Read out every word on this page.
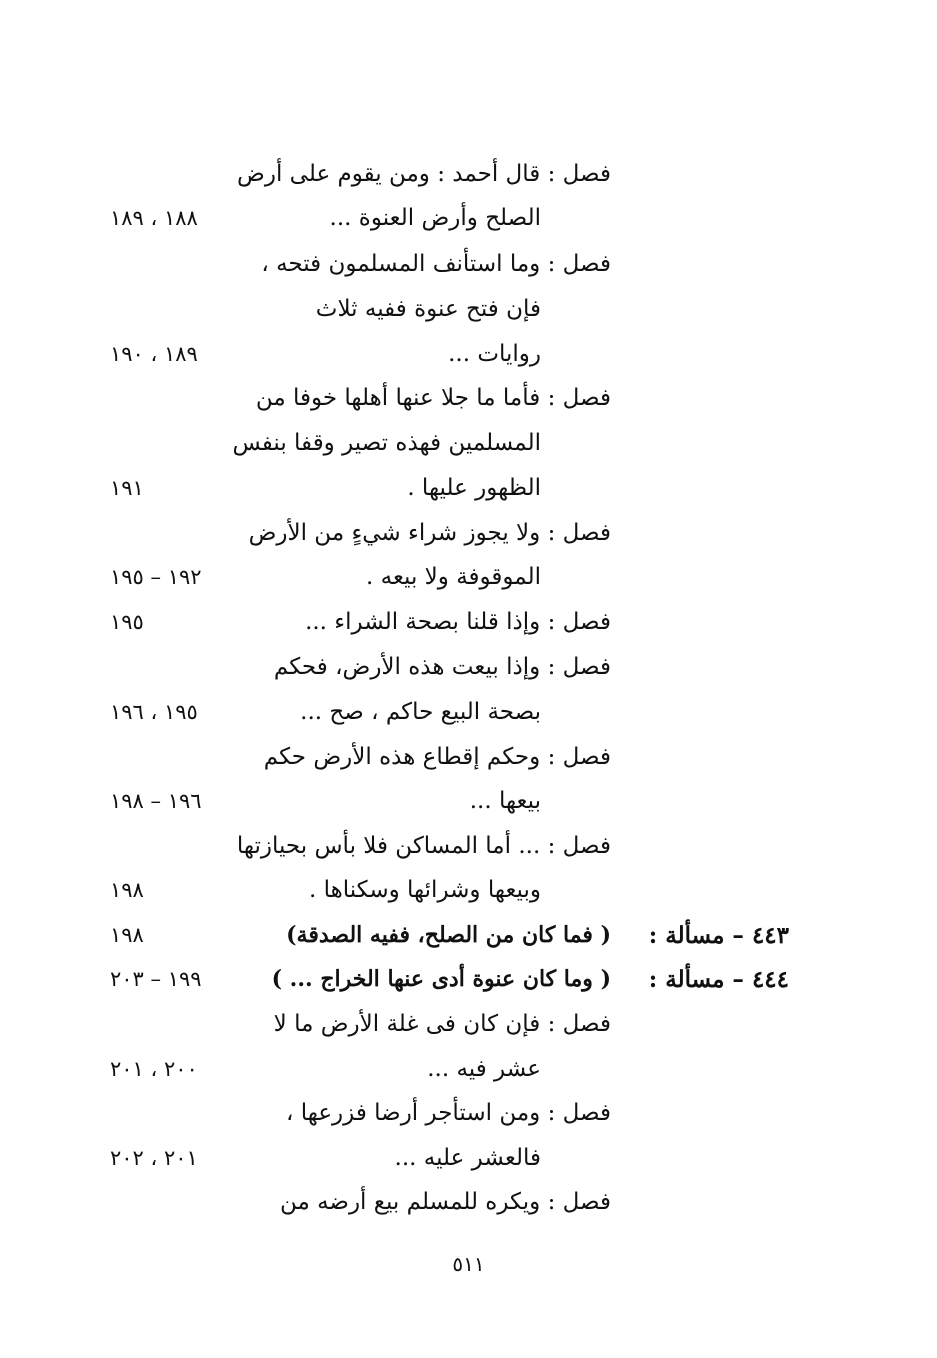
فصل : قال أحمد : ومن يقوم على أرض
الصلح وأرض العنوة ...
١٨٨ ، ١٨٩
فصل : وما استأنف المسلمون فتحه ،
فإن فتح عنوة ففيه ثلاث
روايات ...
١٨٩ ، ١٩٠
فصل : فأما ما جلا عنها أهلها خوفا من
المسلمين فهذه تصير وقفا بنفس
الظهور عليها .
١٩١
فصل : ولا يجوز شراء شيءٍ من الأرض
الموقوفة ولا بيعه .
١٩٢ – ١٩٥
فصل : وإذا قلنا بصحة الشراء ...
١٩٥
فصل : وإذا بيعت هذه الأرض، فحكم
بصحة البيع حاكم ، صح ...
١٩٥ ، ١٩٦
فصل : وحكم إقطاع هذه الأرض حكم
بيعها ...
١٩٦ – ١٩٨
فصل : ... أما المساكن فلا بأس بحيازتها
وبيعها وشرائها وسكناها .
١٩٨
٤٤٣ – مسألة :
( فما كان من الصلح، ففيه الصدقة)
١٩٨
٤٤٤ – مسألة :
( وما كان عنوة أدى عنها الخراج ... )
١٩٩ – ٢٠٣
فصل : فإن كان فى غلة الأرض ما لا
عشر فيه ...
٢٠٠ ، ٢٠١
فصل : ومن استأجر أرضا فزرعها ،
فالعشر عليه ...
٢٠١ ، ٢٠٢
فصل : ويكره للمسلم بيع أرضه من
٥١١
